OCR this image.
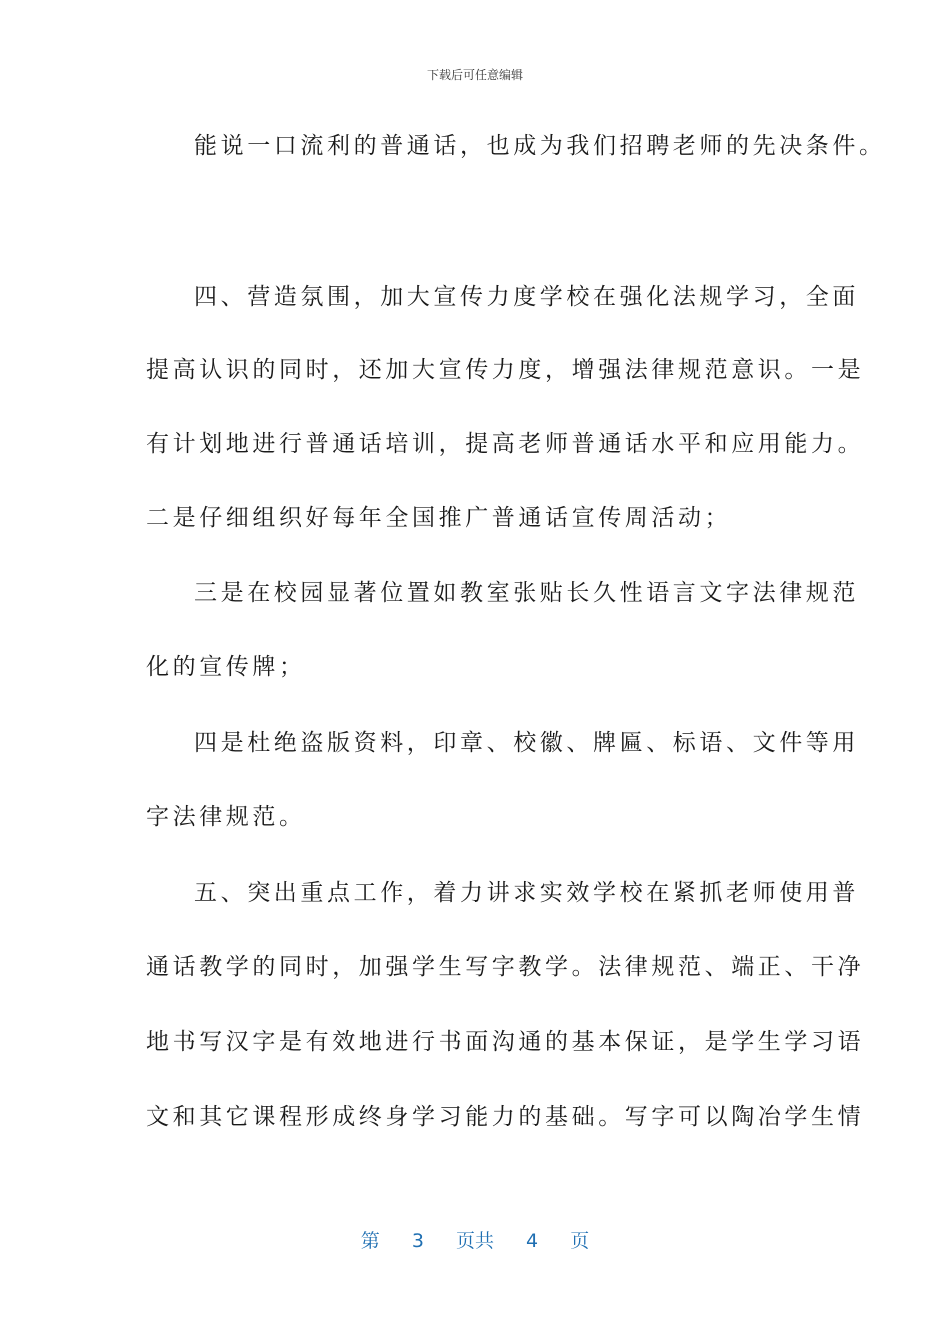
下载后可任意编辑
能说一口流利的普通话，也成为我们招聘老师的先决条件。
四、营造氛围，加大宣传力度学校在强化法规学习，全面
提高认识的同时，还加大宣传力度，增强法律规范意识。一是
有计划地进行普通话培训，提高老师普通话水平和应用能力。
二是仔细组织好每年全国推广普通话宣传周活动；
三是在校园显著位置如教室张贴长久性语言文字法律规范
化的宣传牌；
四是杜绝盗版资料，印章、校徽、牌匾、标语、文件等用
字法律规范。
五、突出重点工作，着力讲求实效学校在紧抓老师使用普
通话教学的同时，加强学生写字教学。法律规范、端正、干净
地书写汉字是有效地进行书面沟通的基本保证，是学生学习语
文和其它课程形成终身学习能力的基础。写字可以陶冶学生情
第 3 页共 4 页
